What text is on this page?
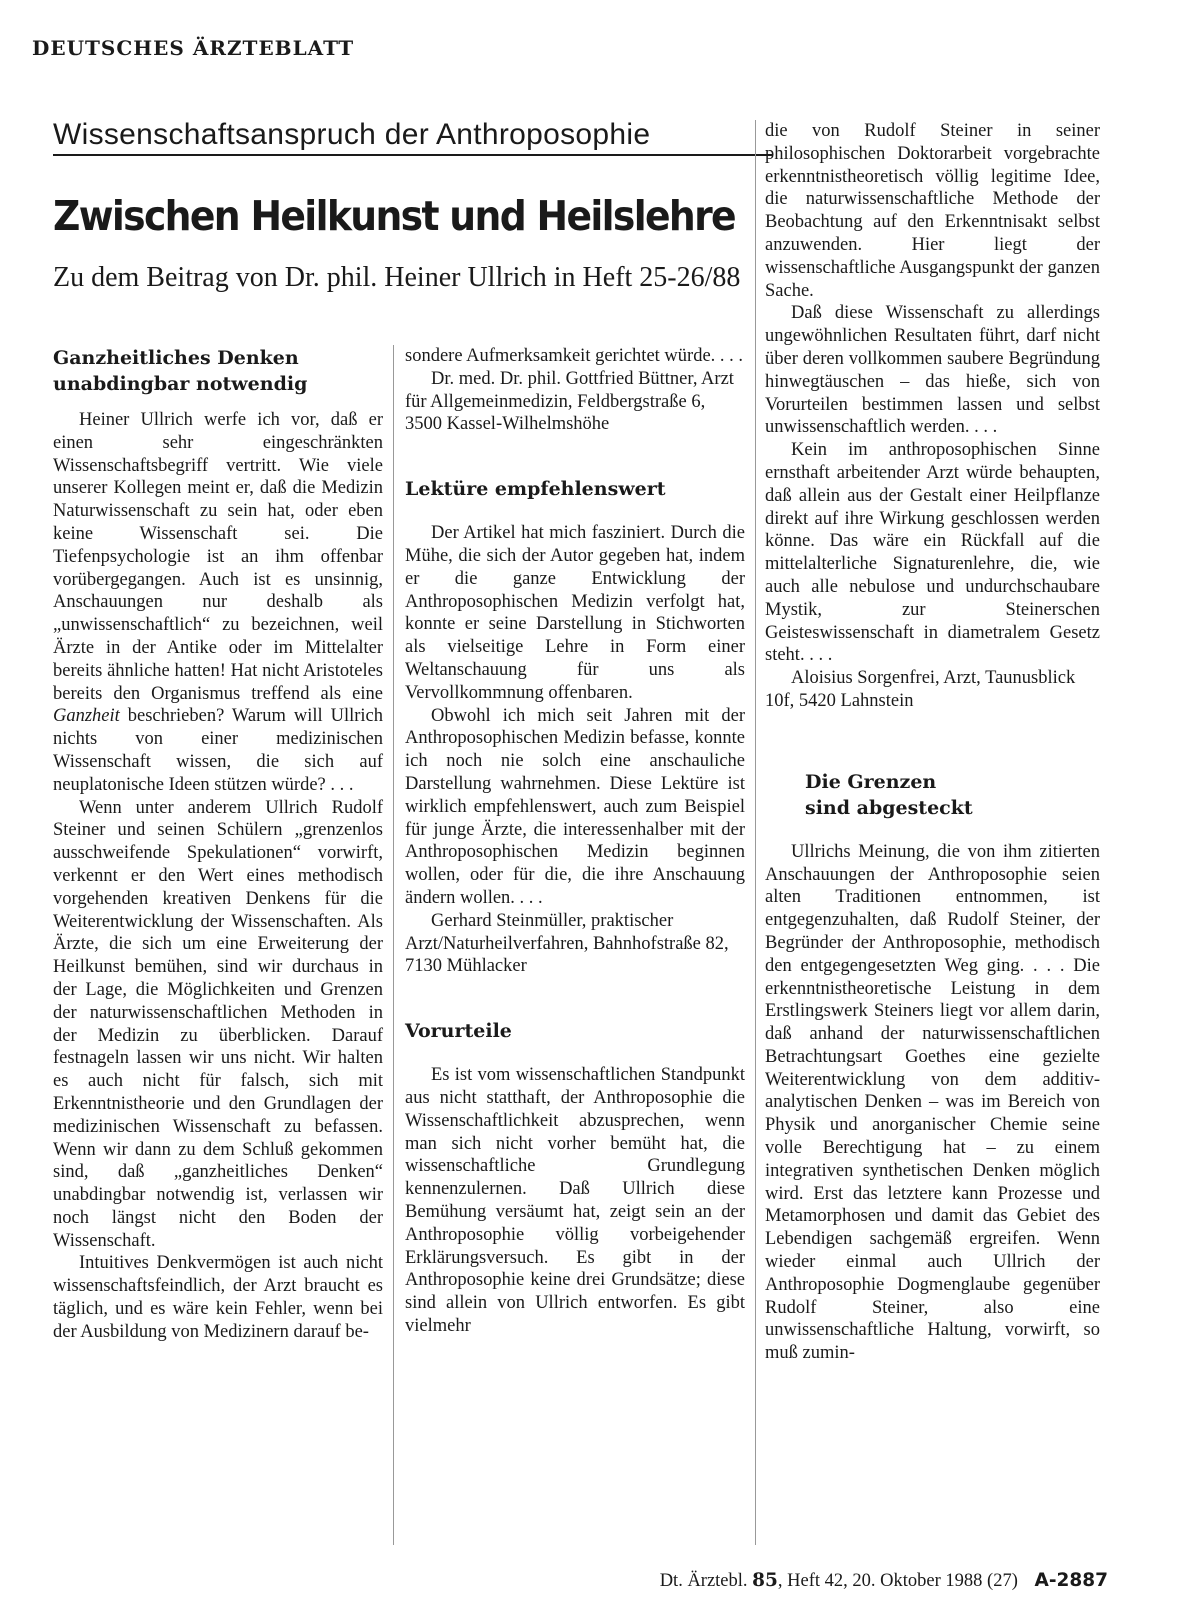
DEUTSCHES ÄRZTEBLATT
Wissenschaftsanspruch der Anthroposophie
Zwischen Heilkunst und Heilslehre
Zu dem Beitrag von Dr. phil. Heiner Ullrich in Heft 25-26/88
Ganzheitliches Denken
unabdingbar notwendig

Heiner Ullrich werfe ich vor, daß er einen sehr eingeschränkten Wissenschaftsbegriff vertritt. Wie viele unserer Kollegen meint er, daß die Medizin Naturwissenschaft zu sein hat, oder eben keine Wissenschaft sei. Die Tiefenpsychologie ist an ihm offenbar vorübergegangen. Auch ist es unsinnig, Anschauungen nur deshalb als „unwissenschaftlich“ zu bezeichnen, weil Ärzte in der Antike oder im Mittelalter bereits ähnliche hatten! Hat nicht Aristoteles bereits den Organismus treffend als eine Ganzheit beschrieben? Warum will Ullrich nichts von einer medizinischen Wissenschaft wissen, die sich auf neuplatonische Ideen stützen würde? . . .

Wenn unter anderem Ullrich Rudolf Steiner und seinen Schülern „grenzenlos ausschweifende Spekulationen“ vorwirft, verkennt er den Wert eines methodisch vorgehenden kreativen Denkens für die Weiterentwicklung der Wissenschaften. Als Ärzte, die sich um eine Erweiterung der Heilkunst bemühen, sind wir durchaus in der Lage, die Möglichkeiten und Grenzen der naturwissenschaftlichen Methoden in der Medizin zu überblicken. Darauf festnageln lassen wir uns nicht. Wir halten es auch nicht für falsch, sich mit Erkenntnistheorie und den Grundlagen der medizinischen Wissenschaft zu befassen. Wenn wir dann zu dem Schluß gekommen sind, daß „ganzheitliches Denken“ unabdingbar notwendig ist, verlassen wir noch längst nicht den Boden der Wissenschaft.

Intuitives Denkvermögen ist auch nicht wissenschaftsfeindlich, der Arzt braucht es täglich, und es wäre kein Fehler, wenn bei der Ausbildung von Medizinern darauf be-

sondere Aufmerksamkeit gerichtet würde. . . .

Dr. med. Dr. phil. Gottfried Büttner, Arzt für Allgemeinmedizin, Feldbergstraße 6, 3500 Kassel-Wilhelmshöhe

Lektüre empfehlenswert

Der Artikel hat mich fasziniert. Durch die Mühe, die sich der Autor gegeben hat, indem er die ganze Entwicklung der Anthroposophischen Medizin verfolgt hat, konnte er seine Darstellung in Stichworten als vielseitige Lehre in Form einer Weltanschauung für uns als Vervollkommnung offenbaren.

Obwohl ich mich seit Jahren mit der Anthroposophischen Medizin befasse, konnte ich noch nie solch eine anschauliche Darstellung wahrnehmen. Diese Lektüre ist wirklich empfehlenswert, auch zum Beispiel für junge Ärzte, die interessenhalber mit der Anthroposophischen Medizin beginnen wollen, oder für die, die ihre Anschauung ändern wollen. . . .

Gerhard Steinmüller, praktischer Arzt/Naturheilverfahren, Bahnhofstraße 82, 7130 Mühlacker

Vorurteile

Es ist vom wissenschaftlichen Standpunkt aus nicht statthaft, der Anthroposophie die Wissenschaftlichkeit abzusprechen, wenn man sich nicht vorher bemüht hat, die wissenschaftliche Grundlegung kennenzulernen. Daß Ullrich diese Bemühung versäumt hat, zeigt sein an der Anthroposophie völlig vorbeigehender Erklärungsversuch. Es gibt in der Anthroposophie keine drei Grundsätze; diese sind allein von Ullrich entworfen. Es gibt vielmehr

die von Rudolf Steiner in seiner philosophischen Doktorarbeit vorgebrachte erkenntnistheoretisch völlig legitime Idee, die naturwissenschaftliche Methode der Beobachtung auf den Erkenntnisakt selbst anzuwenden. Hier liegt der wissenschaftliche Ausgangspunkt der ganzen Sache.

Daß diese Wissenschaft zu allerdings ungewöhnlichen Resultaten führt, darf nicht über deren vollkommen saubere Begründung hinwegtäuschen – das hieße, sich von Vorurteilen bestimmen lassen und selbst unwissenschaftlich werden. . . .

Kein im anthroposophischen Sinne ernsthaft arbeitender Arzt würde behaupten, daß allein aus der Gestalt einer Heilpflanze direkt auf ihre Wirkung geschlossen werden könne. Das wäre ein Rückfall auf die mittelalterliche Signaturenlehre, die, wie auch alle nebulose und undurchschaubare Mystik, zur Steinerschen Geisteswissenschaft in diametralem Gesetz steht. . . .

Aloisius Sorgenfrei, Arzt, Taunusblick 10f, 5420 Lahnstein

Die Grenzen
sind abgesteckt

Ullrichs Meinung, die von ihm zitierten Anschauungen der Anthroposophie seien alten Traditionen entnommen, ist entgegenzuhalten, daß Rudolf Steiner, der Begründer der Anthroposophie, methodisch den entgegengesetzten Weg ging. . . . Die erkenntnistheoretische Leistung in dem Erstlingswerk Steiners liegt vor allem darin, daß anhand der naturwissenschaftlichen Betrachtungsart Goethes eine gezielte Weiterentwicklung von dem additiv-analytischen Denken – was im Bereich von Physik und anorganischer Chemie seine volle Berechtigung hat – zu einem integrativen synthetischen Denken möglich wird. Erst das letztere kann Prozesse und Metamorphosen und damit das Gebiet des Lebendigen sachgemäß ergreifen. Wenn wieder einmal auch Ullrich der Anthroposophie Dogmenglaube gegenüber Rudolf Steiner, also eine unwissenschaftliche Haltung, vorwirft, so muß zumin-

Dt. Ärztebl. 85, Heft 42, 20. Oktober 1988 (27) A-2887
